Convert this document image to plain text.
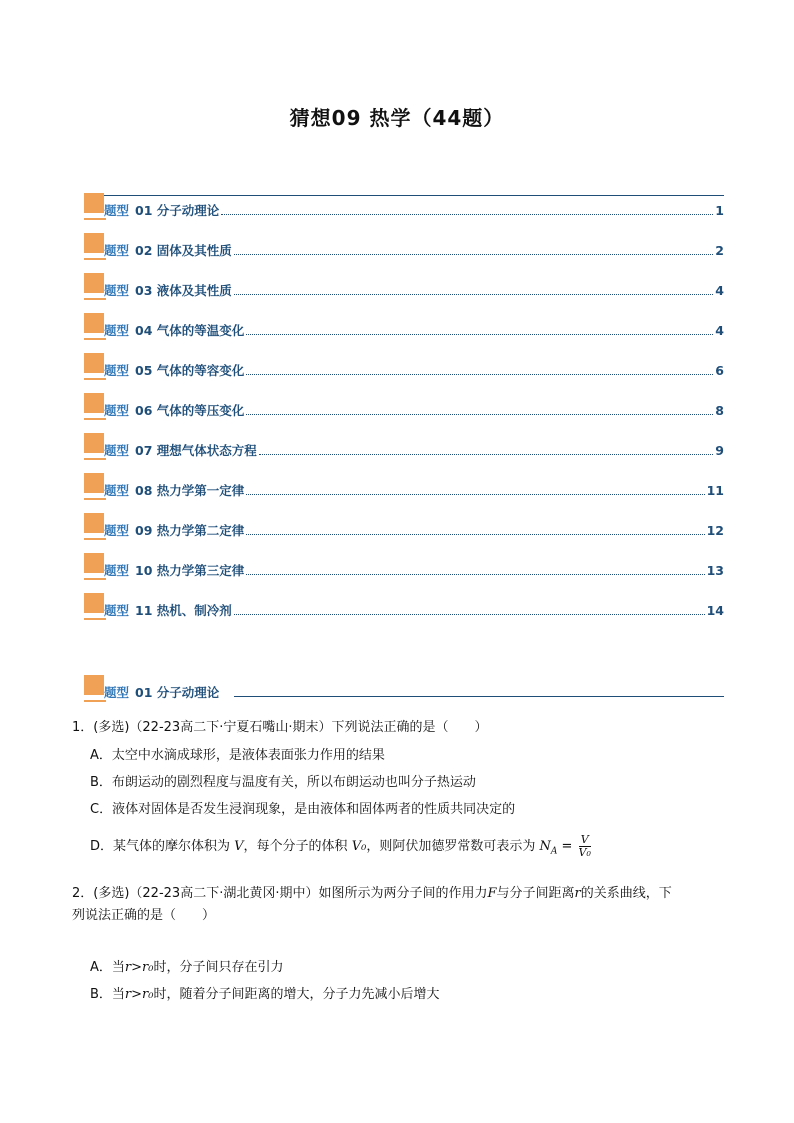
猜想09 热学（44题）
题型 01 分子动理论	1
题型 02 固体及其性质	2
题型 03 液体及其性质	4
题型 04 气体的等温变化	4
题型 05 气体的等容变化	6
题型 06 气体的等压变化	8
题型 07 理想气体状态方程	9
题型 08 热力学第一定律	11
题型 09 热力学第二定律	12
题型 10 热力学第三定律	13
题型 11 热机、制冷剂	14
题型 01 分子动理论
1．(多选)（22-23高二下·宁夏石嘴山·期末）下列说法正确的是（　　）
A．太空中水滴成球形，是液体表面张力作用的结果
B．布朗运动的剧烈程度与温度有关，所以布朗运动也叫分子热运动
C．液体对固体是否发生浸润现象，是由液体和固体两者的性质共同决定的
D．某气体的摩尔体积为 V，每个分子的体积 V₀，则阿伏加德罗常数可表示为 $N_A = \frac{V}{\text{V₀}}$
2．(多选)（22-23高二下·湖北黄冈·期中）如图所示为两分子间的作用力F与分子间距离r的关系曲线，下
列说法正确的是（　　）
A．当r>r₀时，分子间只存在引力
B．当r>r₀时，随着分子间距离的增大，分子力先减小后增大
